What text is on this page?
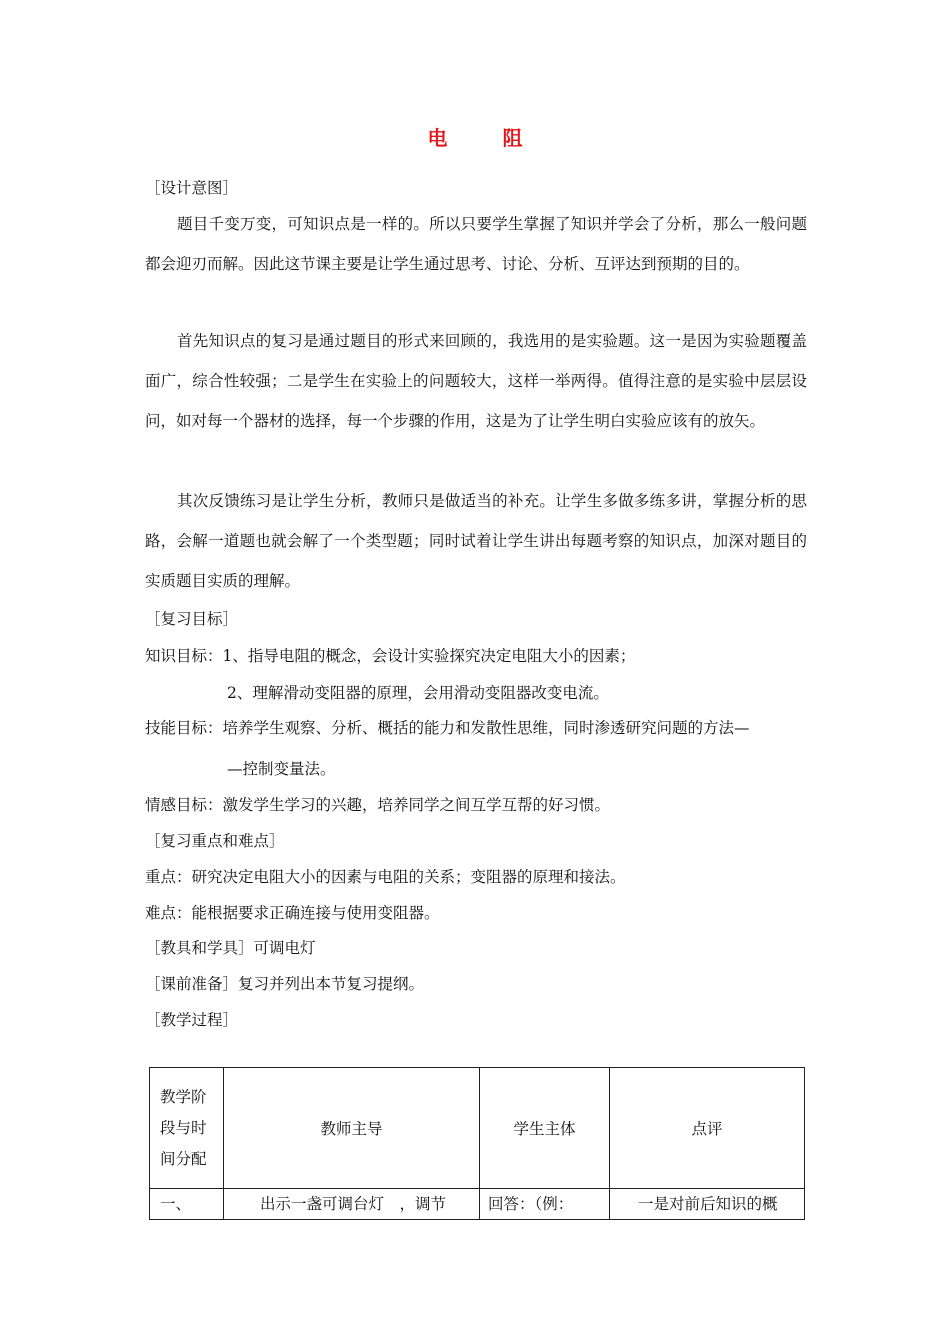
电 阻
［设计意图］
题目千变万变，可知识点是一样的。所以只要学生掌握了知识并学会了分析，那么一般问题都会迎刃而解。因此这节课主要是让学生通过思考、讨论、分析、互评达到预期的目的。
首先知识点的复习是通过题目的形式来回顾的，我选用的是实验题。这一是因为实验题覆盖面广，综合性较强；二是学生在实验上的问题较大，这样一举两得。值得注意的是实验中层层设问，如对每一个器材的选择，每一个步骤的作用，这是为了让学生明白实验应该有的放矢。
其次反馈练习是让学生分析，教师只是做适当的补充。让学生多做多练多讲，掌握分析的思路，会解一道题也就会解了一个类型题；同时试着让学生讲出每题考察的知识点，加深对题目的实质题目实质的理解。
［复习目标］
知识目标：1、指导电阻的概念，会设计实验探究决定电阻大小的因素；
2、理解滑动变阻器的原理，会用滑动变阻器改变电流。
技能目标：培养学生观察、分析、概括的能力和发散性思维，同时渗透研究问题的方法—
—控制变量法。
情感目标：激发学生学习的兴趣，培养同学之间互学互帮的好习惯。
［复习重点和难点］
重点：研究决定电阻大小的因素与电阻的关系；变阻器的原理和接法。
难点：能根据要求正确连接与使用变阻器。
［教具和学具］可调电灯
［课前准备］复习并列出本节复习提纲。
［教学过程］
教学阶
段与时
间分配	教师主导	学生主体	点评
一、	出示一盏可调台灯　，调节	回答：（例：	一是对前后知识的概
